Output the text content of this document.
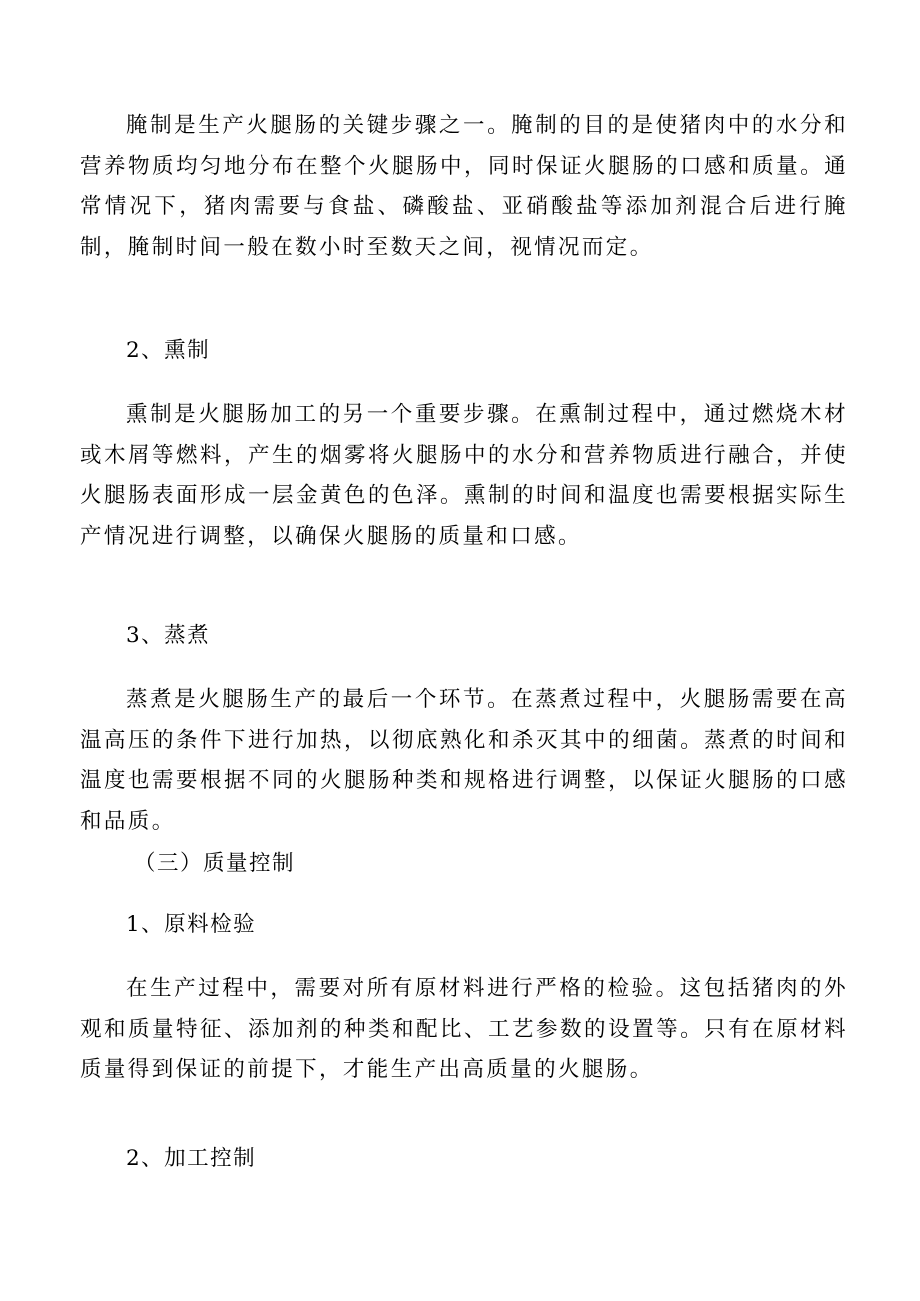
腌制是生产火腿肠的关键步骤之一。腌制的目的是使猪肉中的水分和营养物质均匀地分布在整个火腿肠中，同时保证火腿肠的口感和质量。通常情况下，猪肉需要与食盐、磷酸盐、亚硝酸盐等添加剂混合后进行腌制，腌制时间一般在数小时至数天之间，视情况而定。

2、熏制

熏制是火腿肠加工的另一个重要步骤。在熏制过程中，通过燃烧木材或木屑等燃料，产生的烟雾将火腿肠中的水分和营养物质进行融合，并使火腿肠表面形成一层金黄色的色泽。熏制的时间和温度也需要根据实际生产情况进行调整，以确保火腿肠的质量和口感。

3、蒸煮

蒸煮是火腿肠生产的最后一个环节。在蒸煮过程中，火腿肠需要在高温高压的条件下进行加热，以彻底熟化和杀灭其中的细菌。蒸煮的时间和温度也需要根据不同的火腿肠种类和规格进行调整，以保证火腿肠的口感和品质。

（三）质量控制
1、原料检验

在生产过程中，需要对所有原材料进行严格的检验。这包括猪肉的外观和质量特征、添加剂的种类和配比、工艺参数的设置等。只有在原材料质量得到保证的前提下，才能生产出高质量的火腿肠。

2、加工控制
